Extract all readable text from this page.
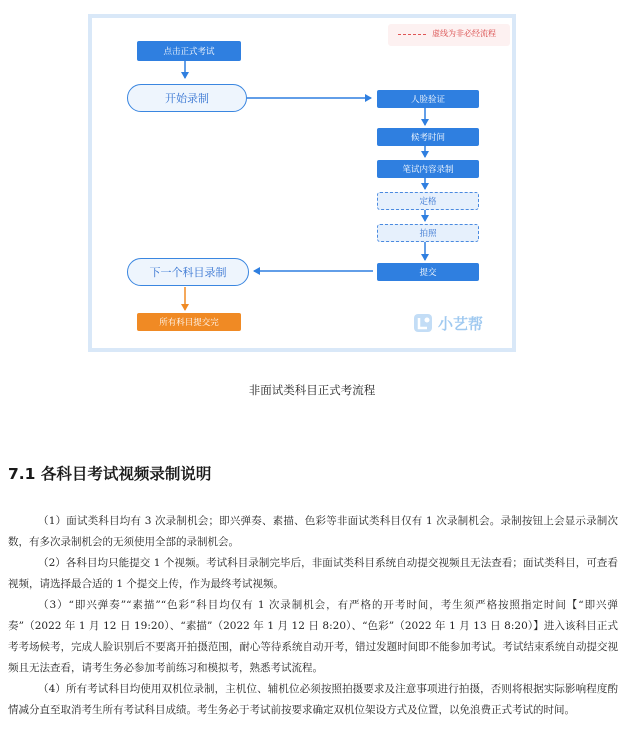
虚线为非必经流程
点击正式考试
开始录制	人脸验证
候考时间
笔试内容录制
定格
拍照
提交
下一个科目录制
所有科目提交完	小艺帮
非面试类科目正式考流程
7.1 各科目考试视频录制说明

（1）面试类科目均有 3 次录制机会；即兴弹奏、素描、色彩等非面试类科目仅有 1 次录制机会。录制按钮上会显示录制次数，有多次录制机会的无须使用全部的录制机会。

（2）各科目均只能提交 1 个视频。考试科目录制完毕后，非面试类科目系统自动提交视频且无法查看；面试类科目，可查看视频，请选择最合适的 1 个提交上传，作为最终考试视频。

（3）“即兴弹奏”“素描”“色彩”科目均仅有 1 次录制机会，有严格的开考时间，考生须严格按照指定时间【“即兴弹奏”（2022 年 1 月 12 日 19:20）、“素描”（2022 年 1 月 12 日 8:20）、“色彩”（2022 年 1 月 13 日 8:20）】进入该科目正式考考场候考，完成人脸识别后不要离开拍摄范围，耐心等待系统自动开考，错过发题时间即不能参加考试。考试结束系统自动提交视频且无法查看，请考生务必参加考前练习和模拟考，熟悉考试流程。

（4）所有考试科目均使用双机位录制，主机位、辅机位必须按照拍摄要求及注意事项进行拍摄，否则将根据实际影响程度酌情减分直至取消考生所有考试科目成绩。考生务必于考试前按要求确定双机位架设方式及位置，以免浪费正式考试的时间。
